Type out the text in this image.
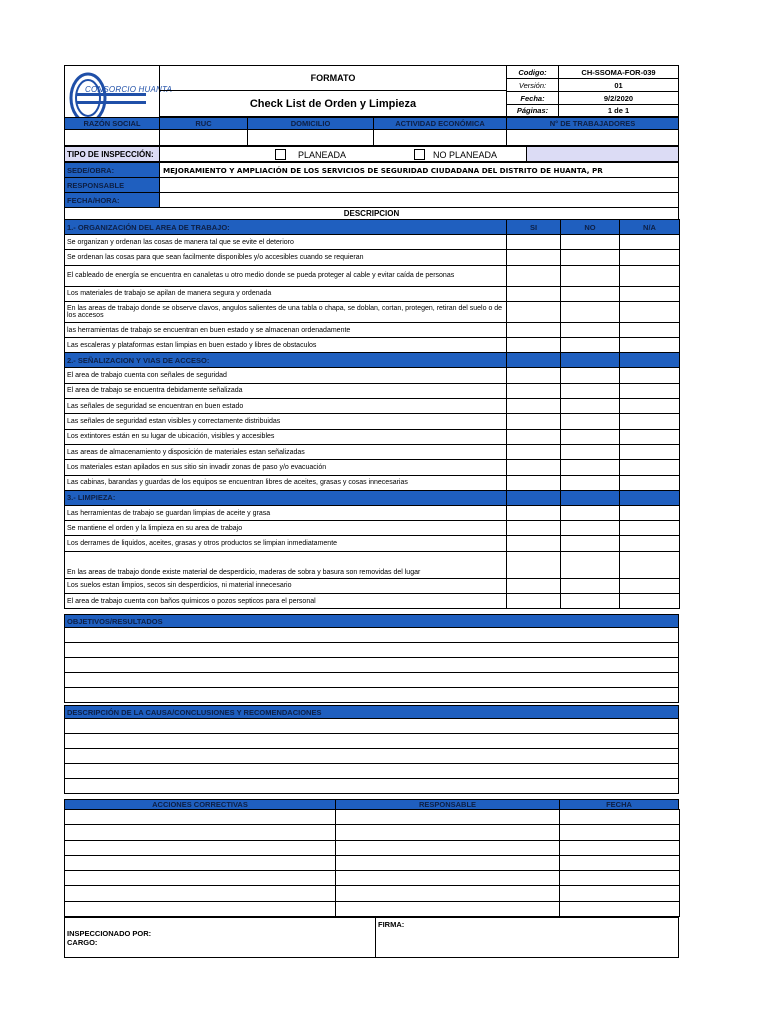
CONSORCIO HUANTA
FORMATO
Check List de Orden y Limpieza
Codigo:	CH-SSOMA-FOR-039
Versión:	01
Fecha:	9/2/2020
Páginas:	1 de 1
RAZÓN SOCIAL	RUC	DOMICILIO	ACTIVIDAD ECONÓMICA	N° DE TRABAJADORES
TIPO DE INSPECCIÓN:	PLANEADA	NO PLANEADA
SEDE/OBRA:	MEJORAMIENTO Y AMPLIACIÓN DE LOS SERVICIOS DE SEGURIDAD CIUDADANA DEL DISTRITO DE HUANTA, PR
RESPONSABLE
FECHA/HORA:
DESCRIPCION
1.- ORGANIZACIÓN DEL AREA DE TRABAJO:	SI	NO	N/A
Se organizan y ordenan las cosas de manera tal que se evite el deterioro			
Se ordenan las cosas para que sean facilmente disponibles y/o accesibles cuando se requieran			
El cableado de energía se encuentra en canaletas u otro medio donde se pueda proteger al cable y evitar caída de personas			
Los materiales de trabajo se apilan de manera segura y ordenada			
En las areas de trabajo donde se observe clavos, angulos salientes de una tabla o chapa, se doblan, cortan, protegen, retiran del suelo o de los accesos			
las herramientas de trabajo se encuentran en buen estado y se almacenan ordenadamente			
Las escaleras y plataformas estan limpias en buen estado y libres de obstaculos			
2.- SEÑALIZACION Y VIAS DE ACCESO:			
El area de trabajo cuenta con señales de seguridad			
El area de trabajo se encuentra debidamente señalizada			
Las señales de seguridad se encuentran en buen estado			
Las señales de seguridad estan visibles y correctamente distribuidas			
Los extintores están en su lugar de ubicación, visibles y accesibles			
Las areas de almacenamiento y disposición de materiales estan señalizadas			
Los materiales estan apilados en sus sitio sin invadir zonas de paso y/o evacuación			
Las cabinas, barandas y guardas de los equipos se encuentran libres de aceites, grasas y cosas innecesarias			
3.- LIMPIEZA:			
Las herramientas de trabajo se guardan limpias de aceite y grasa			
Se mantiene el orden y la limpieza en su area de trabajo			
Los derrames de liquidos, aceites, grasas y otros productos se limpian inmediatamente			
En las areas de trabajo donde existe material de desperdicio, maderas de sobra y basura son removidas del lugar			
Los suelos estan limpios, secos sin desperdicios, ni material innecesario			
El area de trabajo cuenta con baños químicos o pozos septicos para el personal			
OBJETIVOS/RESULTADOS
DESCRIPCIÓN DE LA CAUSA/CONCLUSIONES Y RECOMENDACIONES
ACCIONES CORRECTIVAS	RESPONSABLE	FECHA

INSPECCIONADO POR:
CARGO:
FIRMA:
